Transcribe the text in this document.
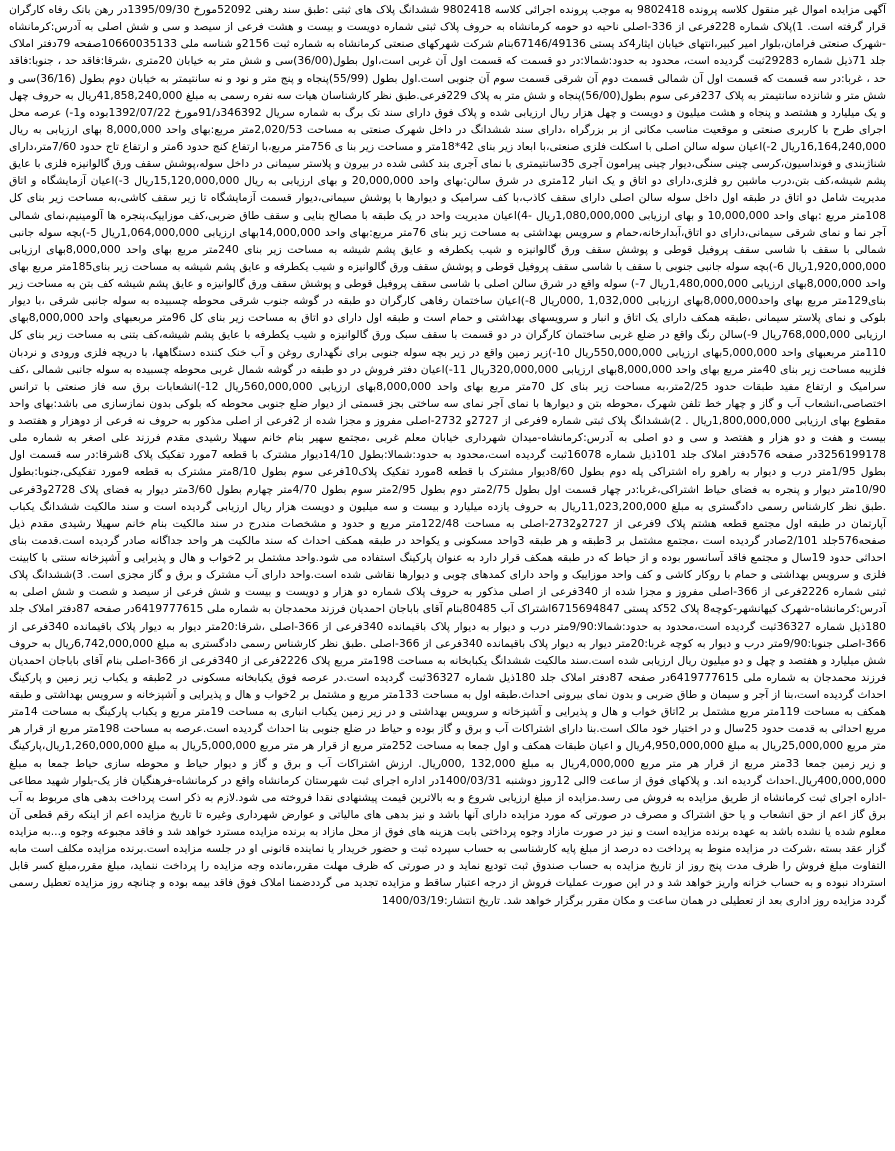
آگهی مزایده اموال غیر منقول کلاسه پرونده 9802418 به موجب پرونده اجرائی کلاسه 9802418 ششدانگ پلاک های ثبتی :طبق سند رهنی 52092مورخ 1395/09/30در رهن بانک رفاه کارگران قرار گرفته است. 1)پلاک شماره 228فرعی از 336-اصلی ناحیه دو حومه کرمانشاه به حروف پلاک ثبتی شماره دویست و بیست و هشت فرعی از سیصد و سی و شش اصلی به آدرس:کرمانشاه -شهرک صنعتی فرامان،بلوار امیر کبیر،انتهای خیابان ایثار4کد پستی 67146/49136بنام شرکت شهرکهای صنعتی کرمانشاه به شماره ثبت 2156و شناسه ملی 10660035133صفحه 79دفتر املاک جلد 71ذیل شماره 29283ثبت گردیده است، محدود به حدود:شمالا:در دو قسمت که قسمت اول آن غربی است،اول بطول(36/00)سی و شش متر به خیابان 20متری ،شرقا:فاقد حد ، جنوبا:فاقد حد ، غربا:در سه قسمت که قسمت اول آن شمالی قسمت دوم آن شرقی قسمت سوم آن جنوبی است.اول بطول (55/99)پنجاه و پنج متر و نود و نه سانتیمتر به خیابان دوم بطول (36/16)سی و شش متر و شانزده سانتیمتر به پلاک 237فرعی سوم بطول(56/00)پنجاه و شش متر به پلاک 229فرعی.طبق نظر کارشناسان هیات سه نفره رسمی به مبلغ 41,858,240,000ریال به حروف چهل و یک میلیارد و هشتصد و پنجاه و هشت میلیون و دویست و چهل هزار ریال ارزیابی شده و پلاک فوق دارای سند تک برگ به شماره سریال 346392د/91مورخ 1392/07/22بوده و1-) عرصه محل اجرای طرح با کاربری صنعتی و موقعیت مناسب مکانی از بر بزرگراه ،دارای سند ششدانگ در داخل شهرک صنعتی به مساحت 2,020/53متر مربع:بهای واحد 8,000,000 بهای ارزیابی به ریال 16,164,240,000ریال 2-)اعیان سوله سالن اصلی با اسکلت فلزی صنعتی،با ابعاد زیر بنای 42*18متر و مساحت زیر بنا ی 756متر مربع،با ارتفاع کنج حدود 6متر و ارتفاع تاج حدود 7/60متر،دارای شناژبندی و فونداسیون،کرسی چینی سنگی،دیوار چینی پیرامون آجری 35سانتیمتری با نمای آجری بند کشی شده در بیرون و پلاستر سیمانی در داخل سوله،پوشش سقف ورق گالوانیزه فلزی با عایق پشم شیشه،کف بتن،درب ماشین رو فلزی،دارای دو اتاق و یک انبار 12متری در شرق سالن:بهای واحد 20,000,000 و بهای ارزیابی به ریال 15,120,000,000ریال 3-)اعیان آزمایشگاه و اتاق مدیریت شامل دو اتاق در طبقه اول داخل سوله سالن اصلی دارای سقف کاذب،با کف سرامیک و دیوارها با پوشش سیمانی،دیوار قسمت آزمایشگاه تا زیر سقف کاشی،به مساحت زیر بنای کل 108متر مربع :بهای واحد 10,000,000 و بهای ارزیابی 1,080,000,000ریال -4)اعیان مدیریت واحد در یک طبقه با مصالح بنایی و سقف طاق ضربی،کف موزاییک،پنجره ها آلومینیم،نمای شمالی آجر نما و نمای شرقی سیمانی،دارای دو اتاق،آبدارخانه،حمام و سرویس بهداشتی به مساحت زیر بنای 76متر مربع:بهای واحد 14,000,000بهای ارزیابی 1,064,000,000ریال 5-)بچه سوله جانبی شمالی با سقف با شاسی سقف پروفیل قوطی و پوشش سقف ورق گالوانیزه و شیب یکطرفه و عایق پشم شیشه به مساحت زیر بنای 240متر مربع بهای واحد 8,000,000بهای ارزیابی 1,920,000,000ریال 6-)بچه سوله جانبی جنوبی با سقف با شاسی سقف پروفیل قوطی و پوشش سقف ورق گالوانیزه و شیب یکطرفه و عایق پشم شیشه به مساحت زیر بنای185متر مربع بهای واحد 8,000,000بهای ارزیابی 1,480,000,000ریال 7-) سوله واقع در شرق سالن اصلی با شاسی سقف پروفیل قوطی و پوشش سقف ورق گالوانیزه و عایق پشم شیشه کف بتن به مساحت زیر بنای129متر مربع بهای واحد8,000,000بهای ارزیابی 1,032,000 ,000ریال 8-)اعیان ساختمان رفاهی کارگران دو طبقه در گوشه جنوب شرقی محوطه چسبیده به سوله جانبی شرقی ،با دیوار بلوکی و نمای پلاستر سیمانی ،طبقه همکف دارای یک اتاق و انبار و سرویسهای بهداشتی و حمام است و طبقه اول دارای دو اتاق به مساحت زیر بنای کل 96متر مربعبهای واحد 8,000,000بهای ارزیابی 768,000,000ریال 9-)سالن رنگ واقع در ضلع غربی ساختمان کارگران در دو قسمت با سقف سبک ورق گالوانیزه و شیب یکطرفه با عایق پشم شیشه،کف بتنی به مساحت زیر بنای کل 110متر مربعبهای واحد 5,000,000بهای ارزیابی 550,000,000ریال 10-)زیر زمین واقع در زیر بچه سوله جنوبی برای نگهداری روغن و آب خنک کننده دستگاهها، با دریچه فلزی ورودی و نردبان فلزیبه مساحت زیر بنای 40متر مربع بهای واحد 8,000,000بهای ارزیابی 320,000,000ریال 11-)اعیان دفتر فروش در دو طبقه در گوشه شمال غربی محوطه چسبیده به سوله جانبی شمالی ،کف سرامیک و ارتفاع مفید طبقات حدود 2/25متر،به مساحت زیر بنای کل 70متر مربع بهای واحد 8,000,000بهای ارزیابی 560,000,000ریال 12-)انشعابات برق سه فاز صنعتی با ترانس اختصاصی،انشعاب آب و گاز و چهار خط تلفن شهرک ،محوطه بتن و دیوارها با نمای آجر نمای سه ساختی بجز قسمتی از دیوار ضلع جنوبی محوطه که بلوکی بدون نمازسازی می باشد:بهای واحد مقطوع بهای ارزیابی 1,800,000,000ریال . 2)ششدانگ پلاک ثبتی شماره 9فرعی از 2727و 2732-اصلی مفروز و مجزا شده از 2فرعی از اصلی مذکور به حروف نه فرعی از دوهزار و هفتصد و بیست و هفت و دو هزار و هفتصد و سی و دو اصلی به آدرس:کرمانشاه-میدان شهرداری خیابان معلم غربی ،مجتمع سهیر بنام خانم سهیلا رشیدی مقدم فرزند علی اصغر به شماره ملی 3256199178در صفحه 576دفتر املاک جلد 101ذیل شماره 16078ثبت گردیده است،محدود به حدود:شمالا:بطول 14/10دیوار مشترک با قطعه 7مورد تفکیک پلاک 8شرقا:در سه قسمت اول بطول 1/95متر درب و دیوار به راهرو راه اشتراکی پله دوم بطول 8/60دیوار مشترک با قطعه 8مورد تفکیک پلاک10فرعی سوم بطول 8/10متر مشترک به قطعه 9مورد تفکیکی،جنوبا:بطول 10/90متر دیوار و پنجره به فضای حیاط اشتراکی،غربا:در چهار قسمت اول بطول 2/75متر دوم بطول 2/95متر سوم بطول 4/70متر چهارم بطول 3/60متر دیوار به فضای پلاک 2728و3فرعی .طبق نظر کارشناس رسمی دادگستری به مبلغ 11,023,200,000ریال به حروف یازده میلیارد و بیست و سه میلیون و دویست هزار ریال ارزیابی گردیده است و سند مالکیت ششدانگ یکباب آپارتمان در طبقه اول مجتمع قطعه هشتم پلاک 9فرعی از 2727و2732-اصلی به مساحت 122/48متر مربع و حدود و مشخصات مندرج در سند مالکیت بنام خانم سهیلا رشیدی مقدم ذیل صفحه576جلد 2/101صادر گردیده است ،مجتمع مشتمل بر 3طبقه و هر طبقه 3واحد مسکونی و یکواحد در طبقه همکف احداث که سند مالکیت هر واحد جداگانه صادر گردیده است.قدمت بنای احداثی حدود 19سال و مجتمع فاقد آسانسور بوده و از حیاط که در طبقه همکف قرار دارد به عنوان پارکینگ استفاده می شود.واحد مشتمل بر 2خواب و هال و پذیرایی و آشپزخانه سنتی با کابینت فلزی و سرویس بهداشتی و حمام با روکار کاشی و کف واحد موزاییک و واحد دارای کمدهای چوبی و دیوارها نقاشی شده است.واحد دارای آب مشترک و برق و گاز مجزی است. 3)ششدانگ پلاک ثبتی شماره 2226فرعی از 366-اصلی مفروز و مجزا شده از 340فرعی از اصلی مذکور به حروف پلاک شماره دو هزار و دویست و بیست و شش فرعی از سیصد و شصت و شش اصلی به آدرس:کرمانشاه-شهرک کیهانشهر-کوچه8 پلاک 52کد پستی 6715694847اشتراک آب 80485بنام آقای باباجان احمدیان فرزند محمدجان به شماره ملی 6419777615در صفحه 87دفتر املاک جلد 180ذیل شماره 36327ثبت گردیده است،محدود به حدود:شمالا:9/90متر درب و دیوار به دیوار پلاک باقیمانده 340فرعی از 366-اصلی ،شرقا:20متر دیوار به دیوار پلاک باقیمانده 340فرعی از 366-اصلی جنوبا:9/90متر درب و دیوار به کوچه غربا:20متر دیوار به دیوار پلاک باقیمانده 340فرعی از 366-اصلی .طبق نظر کارشناس رسمی دادگستری به مبلغ 6,742,000,000ریال به حروف شش میلیارد و هفتصد و چهل و دو میلیون ریال ارزیابی شده است.سند مالکیت ششدانگ یکبابخانه به مساحت 198متر مربع پلاک 2226فرعی از 340فرعی از 366-اصلی بنام آقای باباجان احمدیان فرزند محمدجان به شماره ملی 6419777615در صفحه 87دفتر املاک جلد 180ذیل شماره 36327ثبت گردیده است.در عرصه فوق یکبابخانه مسکونی در 2طبقه و یکباب زیر زمین و پارکینگ احداث گردیده است،بنا از آجر و سیمان و طاق ضربی و بدون نمای بیرونی احداث.طبقه اول به مساحت 133متر مربع و مشتمل بر 2خواب و هال و پذیرایی و آشپزخانه و سرویس بهداشتی و طبقه همکف به مساحت 119متر مربع مشتمل بر 2اتاق خواب و هال و پذیرایی و آشپزخانه و سرویس بهداشتی و در زیر زمین یکباب انباری به مساحت 19متر مربع و یکباب پارکینگ به مساحت 14متر مربع احداثی به قدمت حدود 25سال و در اختیار خود مالک است.بنا دارای اشتراکات آب و برق و گاز بوده و حیاط در ضلع جنوبی بنا احداث گردیده است.عرصه به مساحت 198متر مربع از قرار هر متر مربع 25,000,000ریال به مبلغ 4,950,000,000ریال و اعیان طبقات همکف و اول جمعا به مساحت 252متر مربع از قرار هر متر مربع 5,000,000ریال به مبلغ 1,260,000,000ریال،پارکینگ و زیر زمین جمعا 33متر مربع از قرار هر متر مربع 4,000,000ریال به مبلغ 132,000 ,000ریال. ارزش اشتراکات آب و برق و گاز و دیوار حیاط و محوطه سازی حیاط جمعا به مبلغ 400,000,000ریال.احداث گردیده اند. و پلاکهای فوق از ساعت 9الی 12روز دوشنبه 1400/03/31در اداره اجرای ثبت شهرستان کرمانشاه واقع در کرمانشاه-فرهنگیان فاز یک-بلوار شهید مطاعی -اداره اجرای ثبت کرمانشاه از طریق مزایده به فروش می رسد.مزایده از مبلغ ارزیابی شروع و به بالاترین قیمت پیشنهادی نقدا فروخته می شود.لازم به ذکر است پرداخت بدهی های مربوط به آب برق گاز اعم از حق انشعاب و یا حق اشتراک و مصرف در صورتی که مورد مزایده دارای آنها باشد و نیز بدهی های مالیاتی و عوارض شهرداری وغیره تا تاریخ مزایده اعم از اینکه رقم قطعی آن معلوم شده یا نشده باشد به عهده برنده مزایده است و نیز در صورت مازاد وجوه پرداختی بابت هزینه های فوق از محل مازاد به برنده مزایده مسترد خواهد شد و فاقد مجبوعه وجوه و...به مزایده گزار عقد بسته ،شرکت در مزایده منوط به پرداخت ده درصد از مبلغ پایه کارشناسی به حساب سپرده ثبت و حضور خریدار یا نماینده قانونی او در جلسه مزایده است.برنده مزایده مکلف است مابه التفاوت مبلغ فروش را ظرف مدت پنج روز از تاریخ مزایده به حساب صندوق ثبت تودیع نماید و در صورتی که ظرف مهلت مقرر،مانده وجه مزایده را پرداخت ننماید، مبلغ مقرر،مبلغ کسر قابل استرداد نبوده و به حساب خزانه واریز خواهد شد و در این صورت عملیات فروش از درجه اعتبار ساقط و مزایده تجدید می گرددضمنا املاک فوق فاقد بیمه بوده و چنانچه روز مزایده تعطیل رسمی گردد مزایده روز اداری بعد از تعطیلی در همان ساعت و مکان مقرر برگزار خواهد شد. تاریخ انتشار:1400/03/19
